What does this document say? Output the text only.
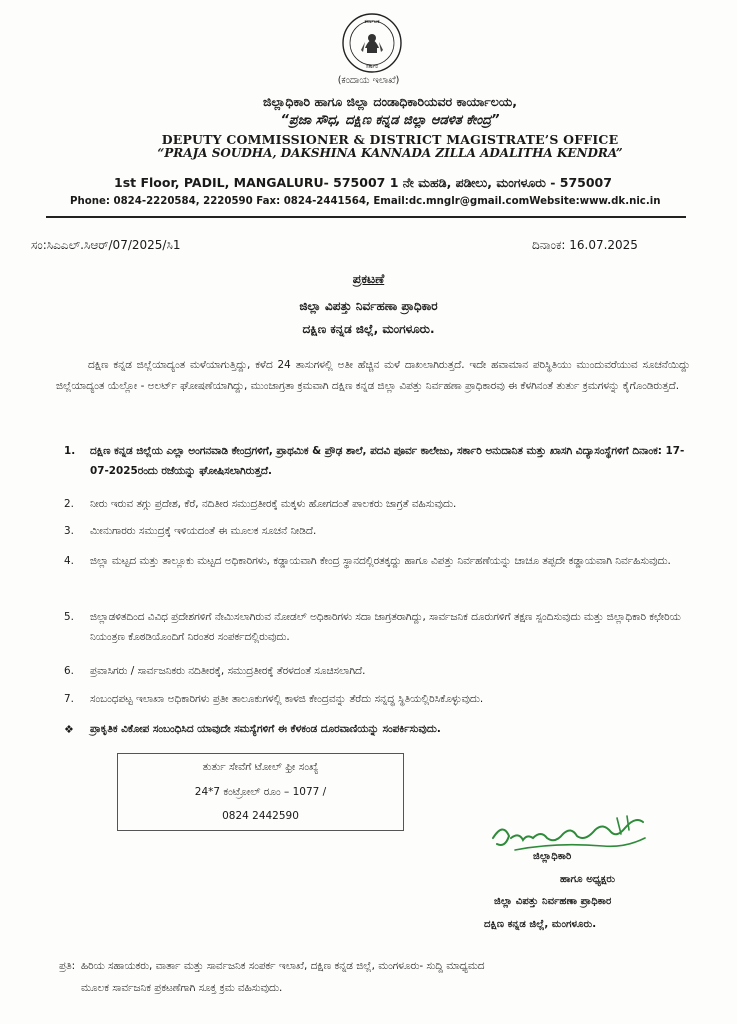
ಕರ್ನಾಟಕ
ಸರ್ಕಾರ
(ಕಂದಾಯ ಇಲಾಖೆ)
ಜಿಲ್ಲಾಧಿಕಾರಿ ಹಾಗೂ ಜಿಲ್ಲಾ ದಂಡಾಧಿಕಾರಿಯವರ ಕಾರ್ಯಾಲಯ,
“ಪ್ರಜಾ ಸೌಧ, ದಕ್ಷಿಣ ಕನ್ನಡ ಜಿಲ್ಲಾ ಆಡಳಿತ ಕೇಂದ್ರ”
DEPUTY COMMISSIONER & DISTRICT MAGISTRATE’S OFFICE
“PRAJA SOUDHA, DAKSHINA KANNADA ZILLA ADALITHA KENDRA”
1st Floor, PADIL, MANGALURU- 575007 1 ನೇ ಮಹಡಿ, ಪಡೀಲು, ಮಂಗಳೂರು - 575007
Phone: 0824-2220584, 2220590 Fax: 0824-2441564, Email:dc.mnglr@gmail.comWebsite:www.dk.nic.in
ಸಂ:ಸಿಎಎಲ್.ಸಿಆರ್/07/2025/ಸಿ1	ದಿನಾಂಕ: 16.07.2025
ಪ್ರಕಟಣೆ
ಜಿಲ್ಲಾ ವಿಪತ್ತು ನಿರ್ವಹಣಾ ಪ್ರಾಧಿಕಾರ
ದಕ್ಷಿಣ ಕನ್ನಡ ಜಿಲ್ಲೆ, ಮಂಗಳೂರು.
ದಕ್ಷಿಣ ಕನ್ನಡ ಜಿಲ್ಲೆಯಾದ್ಯಂತ ಮಳೆಯಾಗುತ್ತಿದ್ದು, ಕಳೆದ 24 ತಾಸುಗಳಲ್ಲಿ ಅತೀ ಹೆಚ್ಚಿನ ಮಳೆ ದಾಖಲಾಗಿರುತ್ತದೆ. ಇದೇ ಹವಾಮಾನ ಪರಿಸ್ಥಿತಿಯು ಮುಂದುವರೆಯುವ ಸೂಚನೆಯಿದ್ದು ಜಿಲ್ಲೆಯಾದ್ಯಂತ ಯೆಲ್ಲೋ - ಅಲರ್ಟ್ ಘೋಷಣೆಯಾಗಿದ್ದು, ಮುಂಜಾಗ್ರತಾ ಕ್ರಮವಾಗಿ ದಕ್ಷಿಣ ಕನ್ನಡ ಜಿಲ್ಲಾ ವಿಪತ್ತು ನಿರ್ವಹಣಾ ಪ್ರಾಧಿಕಾರವು ಈ ಕೆಳಗಿನಂತೆ ತುರ್ತು ಕ್ರಮಗಳನ್ನು ಕೈಗೊಂಡಿರುತ್ತದೆ.
1. ದಕ್ಷಿಣ ಕನ್ನಡ ಜಿಲ್ಲೆಯ ಎಲ್ಲಾ ಅಂಗನವಾಡಿ ಕೇಂದ್ರಗಳಿಗೆ, ಪ್ರಾಥಮಿಕ & ಪ್ರೌಢ ಶಾಲೆ, ಪದವಿ ಪೂರ್ವ ಕಾಲೇಜು, ಸರ್ಕಾರಿ ಅನುದಾನಿತ ಮತ್ತು ಖಾಸಗಿ ವಿದ್ಯಾಸಂಸ್ಥೆಗಳಿಗೆ ದಿನಾಂಕ: 17-07-2025ರಂದು ರಜೆಯನ್ನು ಘೋಷಿಸಲಾಗಿರುತ್ತದೆ.
2. ನೀರು ಇರುವ ತಗ್ಗು ಪ್ರದೇಶ, ಕೆರೆ, ನದಿತೀರ ಸಮುದ್ರತೀರಕ್ಕೆ ಮಕ್ಕಳು ಹೋಗದಂತೆ ಪಾಲಕರು ಜಾಗ್ರತೆ ವಹಿಸುವುದು.
3. ಮೀನುಗಾರರು ಸಮುದ್ರಕ್ಕೆ ಇಳಿಯದಂತೆ ಈ ಮೂಲಕ ಸೂಚನೆ ನೀಡಿದೆ.
4. ಜಿಲ್ಲಾ ಮಟ್ಟದ ಮತ್ತು ತಾಲ್ಲೂಕು ಮಟ್ಟದ ಅಧಿಕಾರಿಗಳು, ಕಡ್ಡಾಯವಾಗಿ ಕೇಂದ್ರ ಸ್ಥಾನದಲ್ಲಿರತಕ್ಕದ್ದು ಹಾಗೂ ವಿಪತ್ತು ನಿರ್ವಹಣೆಯನ್ನು ಚಾಚೂ ತಪ್ಪದೇ ಕಡ್ಡಾಯವಾಗಿ ನಿರ್ವಹಿಸುವುದು.
5. ಜಿಲ್ಲಾಡಳಿತದಿಂದ ವಿವಿಧ ಪ್ರದೇಶಗಳಿಗೆ ನೇಮಿಸಲಾಗಿರುವ ನೋಡಲ್ ಅಧಿಕಾರಿಗಳು ಸದಾ ಜಾಗ್ರತರಾಗಿದ್ದು, ಸಾರ್ವಜನಿಕ ದೂರುಗಳಿಗೆ ತಕ್ಷಣ ಸ್ಪಂದಿಸುವುದು ಮತ್ತು ಜಿಲ್ಲಾಧಿಕಾರಿ ಕಛೇರಿಯ ನಿಯಂತ್ರಣ ಕೊಠಡಿಯೊಂದಿಗೆ ನಿರಂತರ ಸಂಪರ್ಕದಲ್ಲಿರುವುದು.
6. ಪ್ರವಾಸಿಗರು / ಸಾರ್ವಜನಿಕರು ನದಿತೀರಕ್ಕೆ, ಸಮುದ್ರತೀರಕ್ಕೆ ತೆರಳದಂತೆ ಸೂಚಿಸಲಾಗಿದೆ.
7. ಸಂಬಂಧಪಟ್ಟ ಇಲಾಖಾ ಅಧಿಕಾರಿಗಳು ಪ್ರತೀ ತಾಲೂಕುಗಳಲ್ಲಿ ಕಾಳಜಿ ಕೇಂದ್ರವನ್ನು ತೆರೆದು ಸನ್ನದ್ಧ ಸ್ಥಿತಿಯಲ್ಲಿರಿಸಿಕೊಳ್ಳುವುದು.
❖ ಪ್ರಾಕೃತಿಕ ವಿಕೋಪ ಸಂಬಂಧಿಸಿದ ಯಾವುದೇ ಸಮಸ್ಯೆಗಳಿಗೆ ಈ ಕೆಳಕಂಡ ದೂರವಾಣಿಯನ್ನು ಸಂಪರ್ಕಿಸುವುದು.
ತುರ್ತು ಸೇವೆಗೆ ಟೋಲ್ ಫ್ರೀ ಸಂಖ್ಯೆ
24*7 ಕಂಟ್ರೋಲ್ ರೂಂ – 1077 /
0824 2442590
ಜಿಲ್ಲಾಧಿಕಾರಿ
ಹಾಗೂ ಅಧ್ಯಕ್ಷರು
ಜಿಲ್ಲಾ ವಿಪತ್ತು ನಿರ್ವಹಣಾ ಪ್ರಾಧಿಕಾರ
ದಕ್ಷಿಣ ಕನ್ನಡ ಜಿಲ್ಲೆ, ಮಂಗಳೂರು.
ಪ್ರತಿ: ಹಿರಿಯ ಸಹಾಯಕರು, ವಾರ್ತಾ ಮತ್ತು ಸಾರ್ವಜನಿಕ ಸಂಪರ್ಕ ಇಲಾಖೆ, ದಕ್ಷಿಣ ಕನ್ನಡ ಜಿಲ್ಲೆ, ಮಂಗಳೂರು- ಸುದ್ದಿ ಮಾಧ್ಯಮದ
ಮೂಲಕ ಸಾರ್ವಜನಿಕ ಪ್ರಕಟಣೆಗಾಗಿ ಸೂಕ್ತ ಕ್ರಮ ವಹಿಸುವುದು.
